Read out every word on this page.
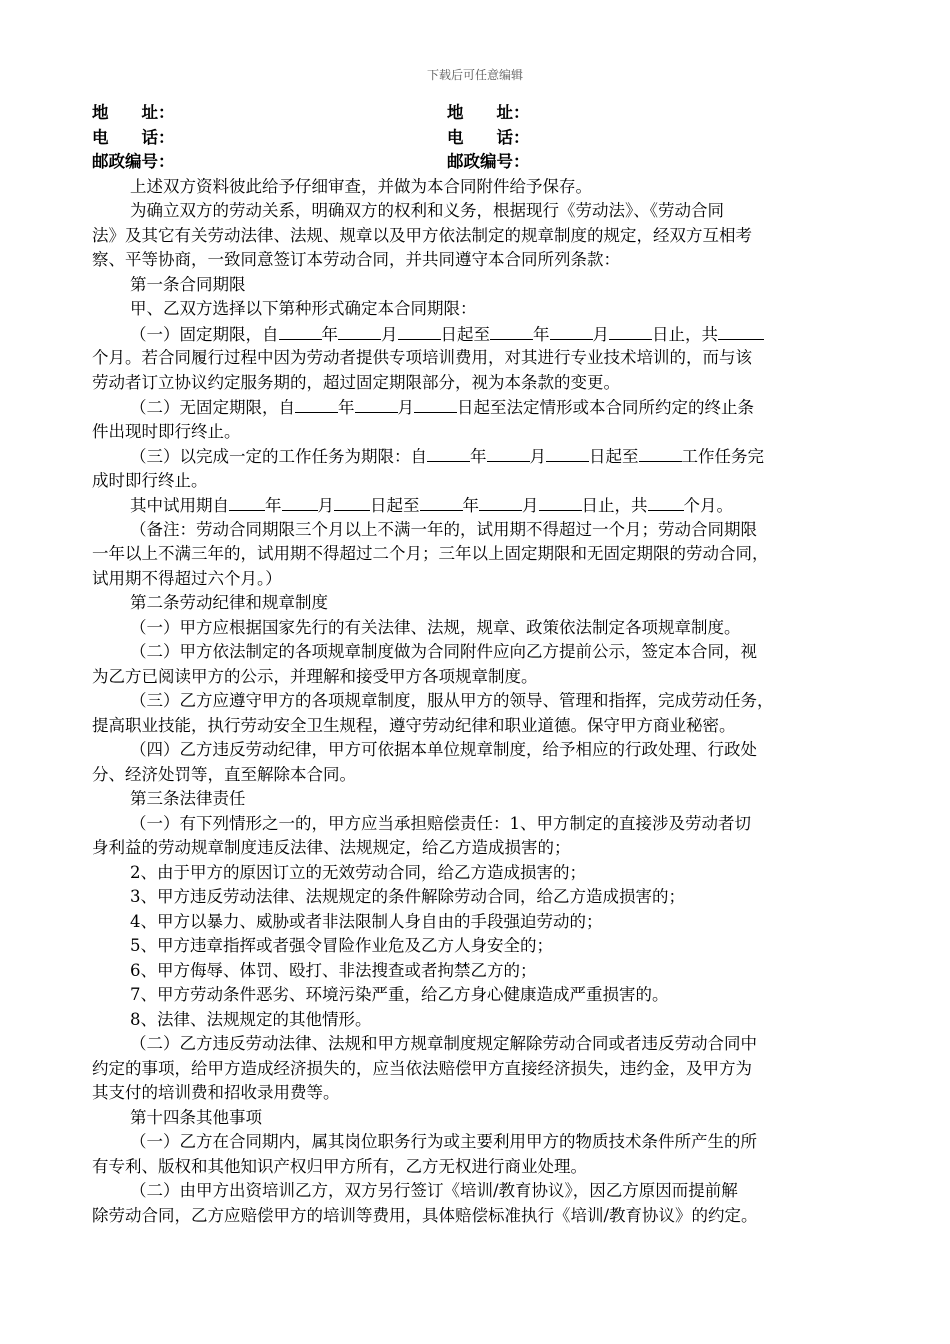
下载后可任意编辑
地　　址：	地　　址：
电　　话：	电　　话：
邮政编号：	邮政编号：
上述双方资料彼此给予仔细审查，并做为本合同附件给予保存。
为确立双方的劳动关系，明确双方的权利和义务，根据现行《劳动法》、《劳动合同
法》及其它有关劳动法律、法规、规章以及甲方依法制定的规章制度的规定，经双方互相考
察、平等协商，一致同意签订本劳动合同，并共同遵守本合同所列条款：
第一条合同期限
甲、乙双方选择以下第种形式确定本合同期限：
（一）固定期限，自	年	月	日起至	年	月	日止，共
个月。若合同履行过程中因为劳动者提供专项培训费用，对其进行专业技术培训的，而与该
劳动者订立协议约定服务期的，超过固定期限部分，视为本条款的变更。
（二）无固定期限，自	年	月	日起至法定情形或本合同所约定的终止条
件出现时即行终止。
（三）以完成一定的工作任务为期限：自	年	月	日起至	工作任务完
成时即行终止。
其中试用期自 年 月 日起至	年	月	日止，共 个月。
（备注：劳动合同期限三个月以上不满一年的，试用期不得超过一个月；劳动合同期限
一年以上不满三年的，试用期不得超过二个月；三年以上固定期限和无固定期限的劳动合同，
试用期不得超过六个月。）
第二条劳动纪律和规章制度
（一）甲方应根据国家先行的有关法律、法规，规章、政策依法制定各项规章制度。
（二）甲方依法制定的各项规章制度做为合同附件应向乙方提前公示，签定本合同，视
为乙方已阅读甲方的公示，并理解和接受甲方各项规章制度。
（三）乙方应遵守甲方的各项规章制度，服从甲方的领导、管理和指挥，完成劳动任务，
提高职业技能，执行劳动安全卫生规程，遵守劳动纪律和职业道德。保守甲方商业秘密。
（四）乙方违反劳动纪律，甲方可依据本单位规章制度，给予相应的行政处理、行政处
分、经济处罚等，直至解除本合同。
第三条法律责任
（一）有下列情形之一的，甲方应当承担赔偿责任：1、甲方制定的直接涉及劳动者切
身利益的劳动规章制度违反法律、法规规定，给乙方造成损害的；
2、由于甲方的原因订立的无效劳动合同，给乙方造成损害的；
3、甲方违反劳动法律、法规规定的条件解除劳动合同，给乙方造成损害的；
4、甲方以暴力、威胁或者非法限制人身自由的手段强迫劳动的；
5、甲方违章指挥或者强令冒险作业危及乙方人身安全的；
6、甲方侮辱、体罚、殴打、非法搜查或者拘禁乙方的；
7、甲方劳动条件恶劣、环境污染严重，给乙方身心健康造成严重损害的。
8、法律、法规规定的其他情形。
（二）乙方违反劳动法律、法规和甲方规章制度规定解除劳动合同或者违反劳动合同中
约定的事项，给甲方造成经济损失的，应当依法赔偿甲方直接经济损失，违约金，及甲方为
其支付的培训费和招收录用费等。
第十四条其他事项
（一）乙方在合同期内，属其岗位职务行为或主要利用甲方的物质技术条件所产生的所
有专利、版权和其他知识产权归甲方所有，乙方无权进行商业处理。
（二）由甲方出资培训乙方，双方另行签订《培训/教育协议》，因乙方原因而提前解
除劳动合同，乙方应赔偿甲方的培训等费用，具体赔偿标准执行《培训/教育协议》的约定。
